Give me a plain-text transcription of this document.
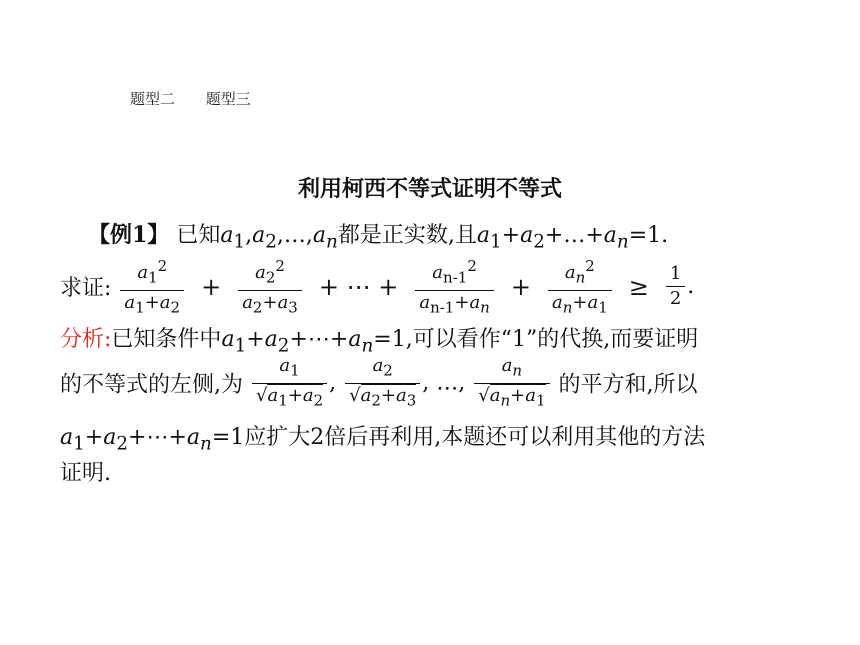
题型二 题型三
利用柯西不等式证明不等式
【例1】 已知$a_1,a_2,\dots,a_n$都是正实数,且$a_1+a_2+\dots+a_n=1$.
求证: $\frac{a_1^2}{a_1+a_2} + \frac{a_2^2}{a_2+a_3}$ + ⋯ + $\frac{a_{n-1}^2}{a_{n-1}+a_n} + \frac{a_n^2}{a_n+a_1} \ge \frac{1}{2}$ .
分析:已知条件中$a_1+a_2+\cdots+a_n=1$,可以看作“1”的代换,而要证明
的不等式的左侧,为 $\frac{a_1}{√a_1+a_2}$ , $\frac{a_2}{√a_2+a_3}$ , …, $\frac{a_n}{√a_n+a_1}$ 的平方和,所以
$a_1+a_2+\cdots+a_n=1$应扩大2倍后再利用,本题还可以利用其他的方法
证明.
